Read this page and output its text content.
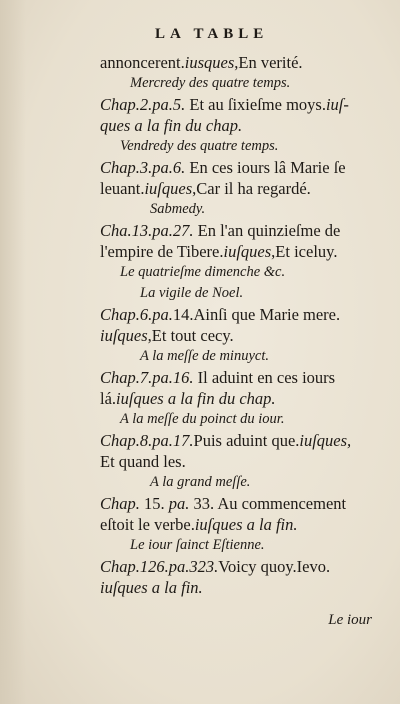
LA TABLE
annoncerent.iusques,En verité.
Mercredy des quatre temps.
Chap.2.pa.5. Et au ſixieſme moys.iuſ-
ques a la fin du chap.
Vendredy des quatre temps.
Chap.3.pa.6. En ces iours lâ Marie ſe
leuant.iuſques,Car il ha regardé.
Sabmedy.
Cha.13.pa.27. En l'an quinzieſme de
l'empire de Tibere.iuſques,Et iceluy.
Le quatrieſme dimenche &c.
La vigile de Noel.
Chap.6.pa.14.Ainſi que Marie mere.
iuſques,Et tout cecy.
A la meſſe de minuyct.
Chap.7.pa.16. Il aduint en ces iours
lá.iuſques a la fin du chap.
A la meſſe du poinct du iour.
Chap.8.pa.17.Puis aduint que.iuſques,
Et quand les.
A la grand meſſe.
Chap. 15. pa. 33. Au commencement
eſtoit le verbe.iuſques a la fin.
Le iour ſainct Eſtienne.
Chap.126.pa.323.Voicy quoy.Ievo.
iuſques a la fin.
Le iour
